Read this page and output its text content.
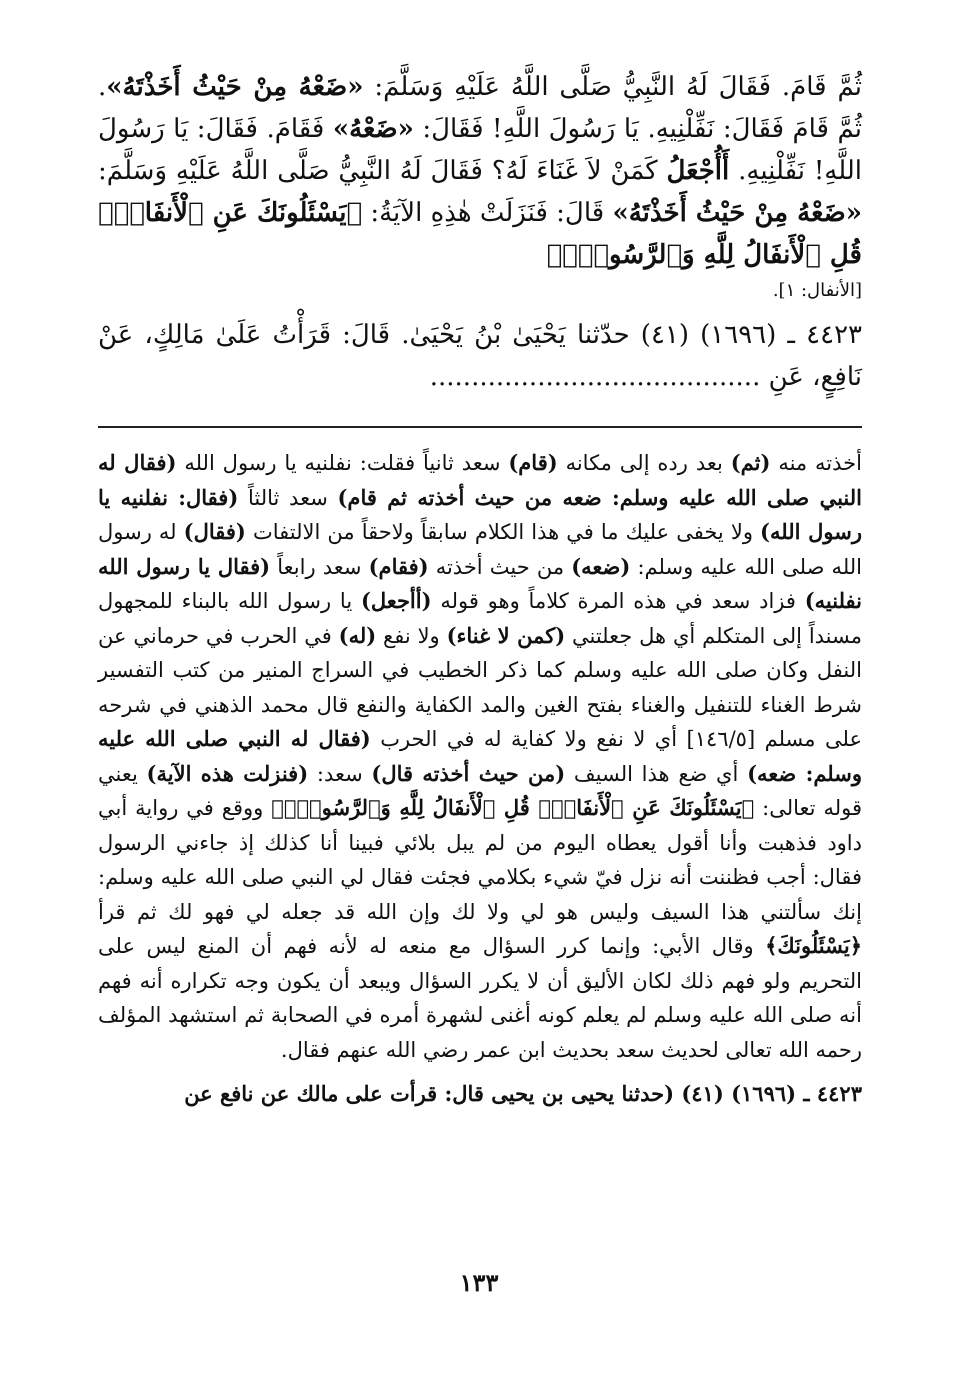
ثُمَّ قَامَ. فَقَالَ لَهُ النَّبِيُّ صَلَّى اللَّهُ عَلَيْهِ وَسَلَّمَ: «ضَعْهُ مِنْ حَيْثُ أَخَذْتَهُ». ثُمَّ قَامَ فَقَالَ: نَفِّلْنِيهِ. يَا رَسُولَ اللَّهِ! فَقَالَ: «ضَعْهُ» فَقَامَ. فَقَالَ: يَا رَسُولَ اللَّهِ! نَفِّلْنِيهِ. أَأُجْعَلُ كَمَنْ لاَ غَنَاءَ لَهُ؟ فَقَالَ لَهُ النَّبِيُّ صَلَّى اللَّهُ عَلَيْهِ وَسَلَّمَ: «ضَعْهُ مِنْ حَيْثُ أَخَذْتَهُ» قَالَ: فَنَزَلَتْ هٰذِهِ الآيَةُ: ﴿يَسْئَلُونَكَ عَنِ ٱلْأَنفَالِۖ قُلِ ٱلْأَنفَالُ لِلَّهِ وَٱلرَّسُولِۖ﴾

[الأنفال: ١].

٤٤٢٣ ـ (١٦٩٦) (٤١) حدّثنا يَحْيَىٰ بْنُ يَحْيَىٰ. قَالَ: قَرَأْتُ عَلَىٰ مَالِكٍ، عَنْ نَافِعٍ، عَنِ ........................................

أخذته منه (ثم) بعد رده إلى مكانه (قام) سعد ثانياً فقلت: نفلنيه يا رسول الله (فقال له النبي صلى الله عليه وسلم: ضعه من حيث أخذته ثم قام) سعد ثالثاً (فقال: نفلنيه يا رسول الله) ولا يخفى عليك ما في هذا الكلام سابقاً ولاحقاً من الالتفات (فقال) له رسول الله صلى الله عليه وسلم: (ضعه) من حيث أخذته (فقام) سعد رابعاً (فقال يا رسول الله نفلنيه) فزاد سعد في هذه المرة كلاماً وهو قوله (أأجعل) يا رسول الله بالبناء للمجهول مسنداً إلى المتكلم أي هل جعلتني (كمن لا غناء) ولا نفع (له) في الحرب في حرماني عن النفل وكان صلى الله عليه وسلم كما ذكر الخطيب في السراج المنير من كتب التفسير شرط الغناء للتنفيل والغناء بفتح الغين والمد الكفاية والنفع قال محمد الذهني في شرحه على مسلم [١٤٦/٥] أي لا نفع ولا كفاية له في الحرب (فقال له النبي صلى الله عليه وسلم: ضعه) أي ضع هذا السيف (من حيث أخذته قال) سعد: (فنزلت هذه الآية) يعني قوله تعالى: ﴿يَسْئَلُونَكَ عَنِ ٱلْأَنفَالِۖ قُلِ ٱلْأَنفَالُ لِلَّهِ وَٱلرَّسُولِۖ﴾ ووقع في رواية أبي داود فذهبت وأنا أقول يعطاه اليوم من لم يبل بلائي فبينا أنا كذلك إذ جاءني الرسول فقال: أجب فظننت أنه نزل فيّ شيء بكلامي فجئت فقال لي النبي صلى الله عليه وسلم: إنك سألتني هذا السيف وليس هو لي ولا لك وإن الله قد جعله لي فهو لك ثم قرأ ﴿يَسْئَلُونَكَ﴾ وقال الأبي: وإنما كرر السؤال مع منعه له لأنه فهم أن المنع ليس على التحريم ولو فهم ذلك لكان الأليق أن لا يكرر السؤال ويبعد أن يكون وجه تكراره أنه فهم أنه صلى الله عليه وسلم لم يعلم كونه أغنى لشهرة أمره في الصحابة ثم استشهد المؤلف رحمه الله تعالى لحديث سعد بحديث ابن عمر رضي الله عنهم فقال.

٤٤٢٣ ـ (١٦٩٦) (٤١) (حدثنا يحيى بن يحيى قال: قرأت على مالك عن نافع عن

١٣٣
